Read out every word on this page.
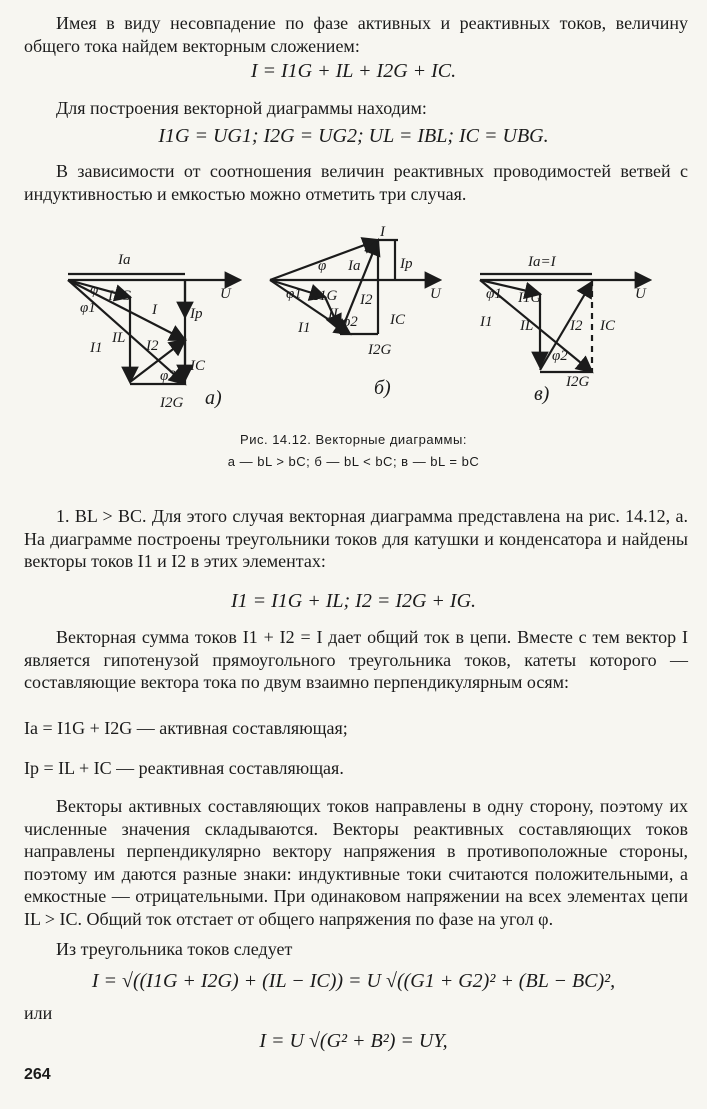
Имея в виду несовпадение по фазе активных и реактивных токов, величину общего тока найдем векторным сложением:

I = I1G + IL + I2G + IC.

Для построения векторной диаграммы находим:

I1G = UG1; I2G = UG2; UL = IBL; IC = UBG.

В зависимости от соотношения величин реактивных проводимостей ветвей с индуктивностью и емкостью можно отметить три случая.

Iа
U
φ
φ1
I1G
I Iр
IL
I1	I2
IC
φ2
I2G а)
I
Iр
φ Iа
φ1 I1G I2	U
IL φ2
I1	IC
I2G
б)
Iа=I
φ1 I1G	U
I1 IL I2 IC
φ2
I2G
в)

Рис. 14.12. Векторные диаграммы:

а — bL > bC; б — bL < bC; в — bL = bC

1. BL > BC. Для этого случая векторная диаграмма представлена на рис. 14.12, а. На диаграмме построены треугольники токов для катушки и конденсатора и найдены векторы токов I1 и I2 в этих элементах:

I1 = I1G + IL; I2 = I2G + IG.

Векторная сумма токов I1 + I2 = I дает общий ток в цепи. Вместе с тем вектор I является гипотенузой прямоугольного треугольника токов, катеты которого — составляющие вектора тока по двум взаимно перпендикулярным осям:

Iа = I1G + I2G — активная составляющая;

Iр = IL + IC — реактивная составляющая.

Векторы активных составляющих токов направлены в одну сторону, поэтому их численные значения складываются. Векторы реактивных составляющих токов направлены перпендикулярно вектору напряжения в противоположные стороны, поэтому им даются разные знаки: индуктивные токи считаются положительными, а емкостные — отрицательными. При одинаковом напряжении на всех элементах цепи IL > IC. Общий ток отстает от общего напряжения по фазе на угол φ.

Из треугольника токов следует

I = √((I1G + I2G) + (IL − IC)) = U √((G1 + G2)² + (BL − BC)²,

или

I = U √(G² + B²) = UY,

264
